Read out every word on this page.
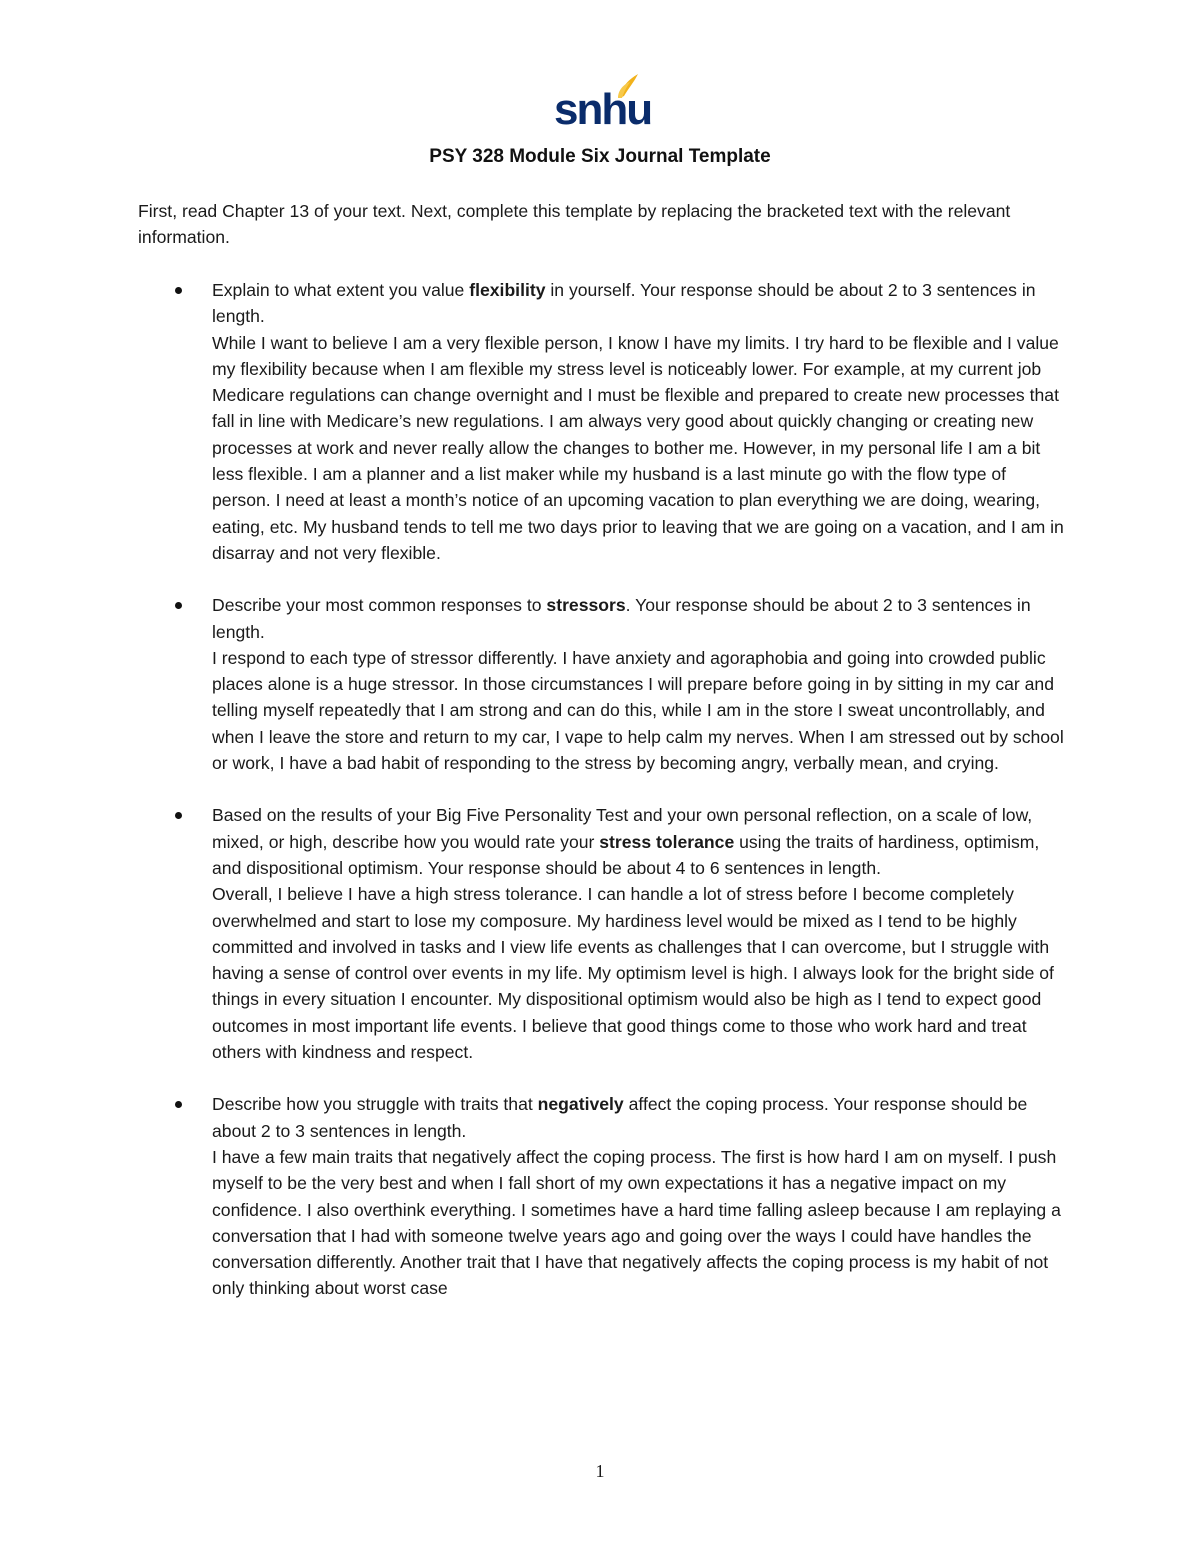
snhu
PSY 328 Module Six Journal Template
First, read Chapter 13 of your text. Next, complete this template by replacing the bracketed text with the relevant information.
Explain to what extent you value flexibility in yourself. Your response should be about 2 to 3 sentences in length.
While I want to believe I am a very flexible person, I know I have my limits. I try hard to be flexible and I value my flexibility because when I am flexible my stress level is noticeably lower. For example, at my current job Medicare regulations can change overnight and I must be flexible and prepared to create new processes that fall in line with Medicare’s new regulations. I am always very good about quickly changing or creating new processes at work and never really allow the changes to bother me. However, in my personal life I am a bit less flexible. I am a planner and a list maker while my husband is a last minute go with the flow type of person. I need at least a month’s notice of an upcoming vacation to plan everything we are doing, wearing, eating, etc. My husband tends to tell me two days prior to leaving that we are going on a vacation, and I am in disarray and not very flexible.
Describe your most common responses to stressors. Your response should be about 2 to 3 sentences in length.
I respond to each type of stressor differently. I have anxiety and agoraphobia and going into crowded public places alone is a huge stressor. In those circumstances I will prepare before going in by sitting in my car and telling myself repeatedly that I am strong and can do this, while I am in the store I sweat uncontrollably, and when I leave the store and return to my car, I vape to help calm my nerves. When I am stressed out by school or work, I have a bad habit of responding to the stress by becoming angry, verbally mean, and crying.
Based on the results of your Big Five Personality Test and your own personal reflection, on a scale of low, mixed, or high, describe how you would rate your stress tolerance using the traits of hardiness, optimism, and dispositional optimism. Your response should be about 4 to 6 sentences in length.
Overall, I believe I have a high stress tolerance. I can handle a lot of stress before I become completely overwhelmed and start to lose my composure. My hardiness level would be mixed as I tend to be highly committed and involved in tasks and I view life events as challenges that I can overcome, but I struggle with having a sense of control over events in my life. My optimism level is high. I always look for the bright side of things in every situation I encounter. My dispositional optimism would also be high as I tend to expect good outcomes in most important life events. I believe that good things come to those who work hard and treat others with kindness and respect.
Describe how you struggle with traits that negatively affect the coping process. Your response should be about 2 to 3 sentences in length.
I have a few main traits that negatively affect the coping process. The first is how hard I am on myself. I push myself to be the very best and when I fall short of my own expectations it has a negative impact on my confidence. I also overthink everything. I sometimes have a hard time falling asleep because I am replaying a conversation that I had with someone twelve years ago and going over the ways I could have handles the conversation differently. Another trait that I have that negatively affects the coping process is my habit of not only thinking about worst case
1
